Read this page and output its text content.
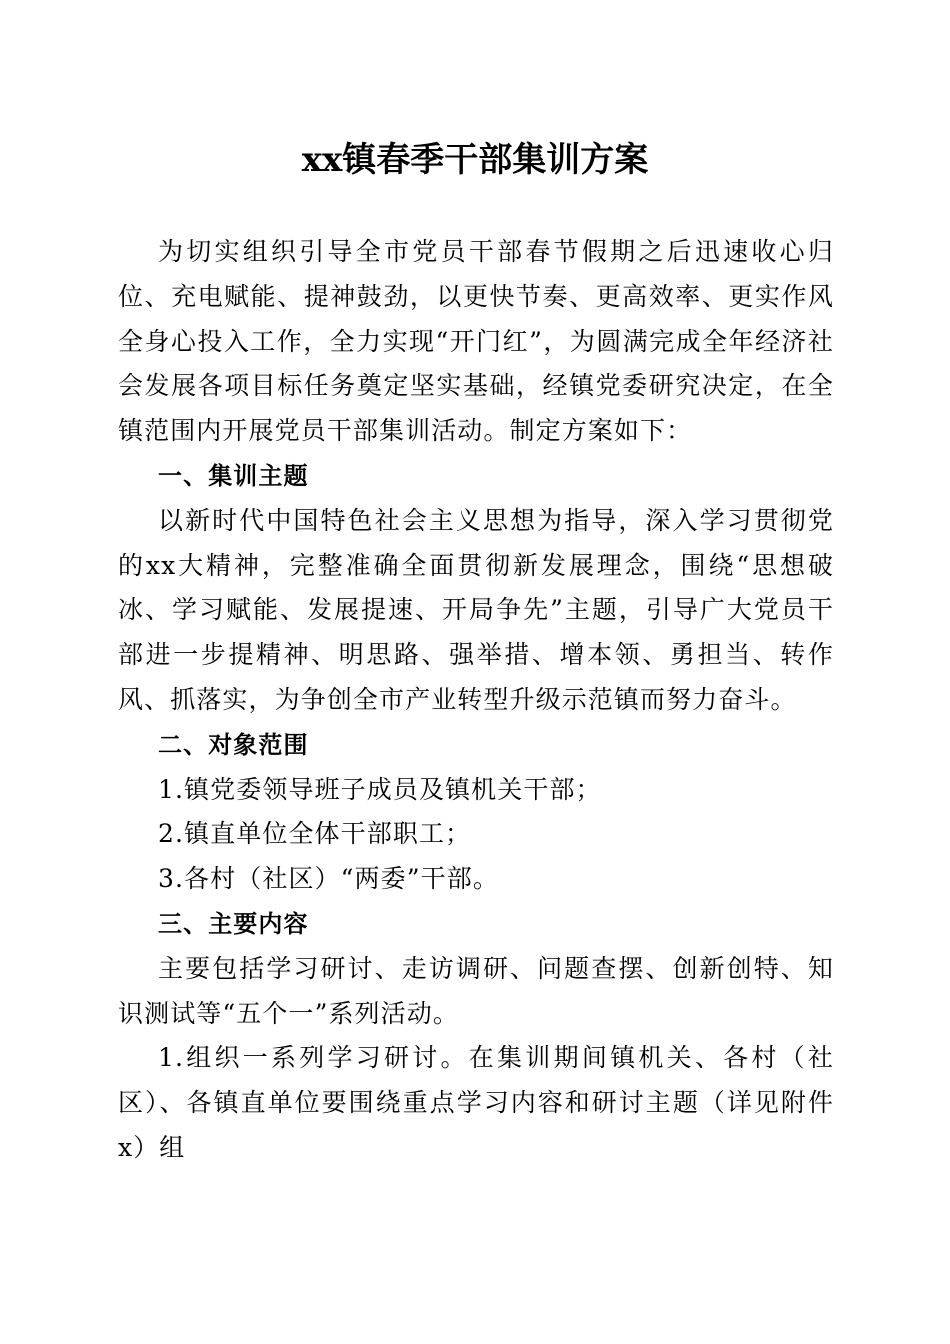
xx镇春季干部集训方案

为切实组织引导全市党员干部春节假期之后迅速收心归位、充电赋能、提神鼓劲，以更快节奏、更高效率、更实作风全身心投入工作，全力实现“开门红”，为圆满完成全年经济社会发展各项目标任务奠定坚实基础，经镇党委研究决定，在全镇范围内开展党员干部集训活动。制定方案如下：

一、集训主题

以新时代中国特色社会主义思想为指导，深入学习贯彻党的xx大精神，完整准确全面贯彻新发展理念，围绕“思想破冰、学习赋能、发展提速、开局争先”主题，引导广大党员干部进一步提精神、明思路、强举措、增本领、勇担当、转作风、抓落实，为争创全市产业转型升级示范镇而努力奋斗。

二、对象范围

1.镇党委领导班子成员及镇机关干部；

2.镇直单位全体干部职工；

3.各村（社区）“两委”干部。

三、主要内容

主要包括学习研讨、走访调研、问题查摆、创新创特、知识测试等“五个一”系列活动。

1.组织一系列学习研讨。在集训期间镇机关、各村（社区）、各镇直单位要围绕重点学习内容和研讨主题（详见附件x）组
